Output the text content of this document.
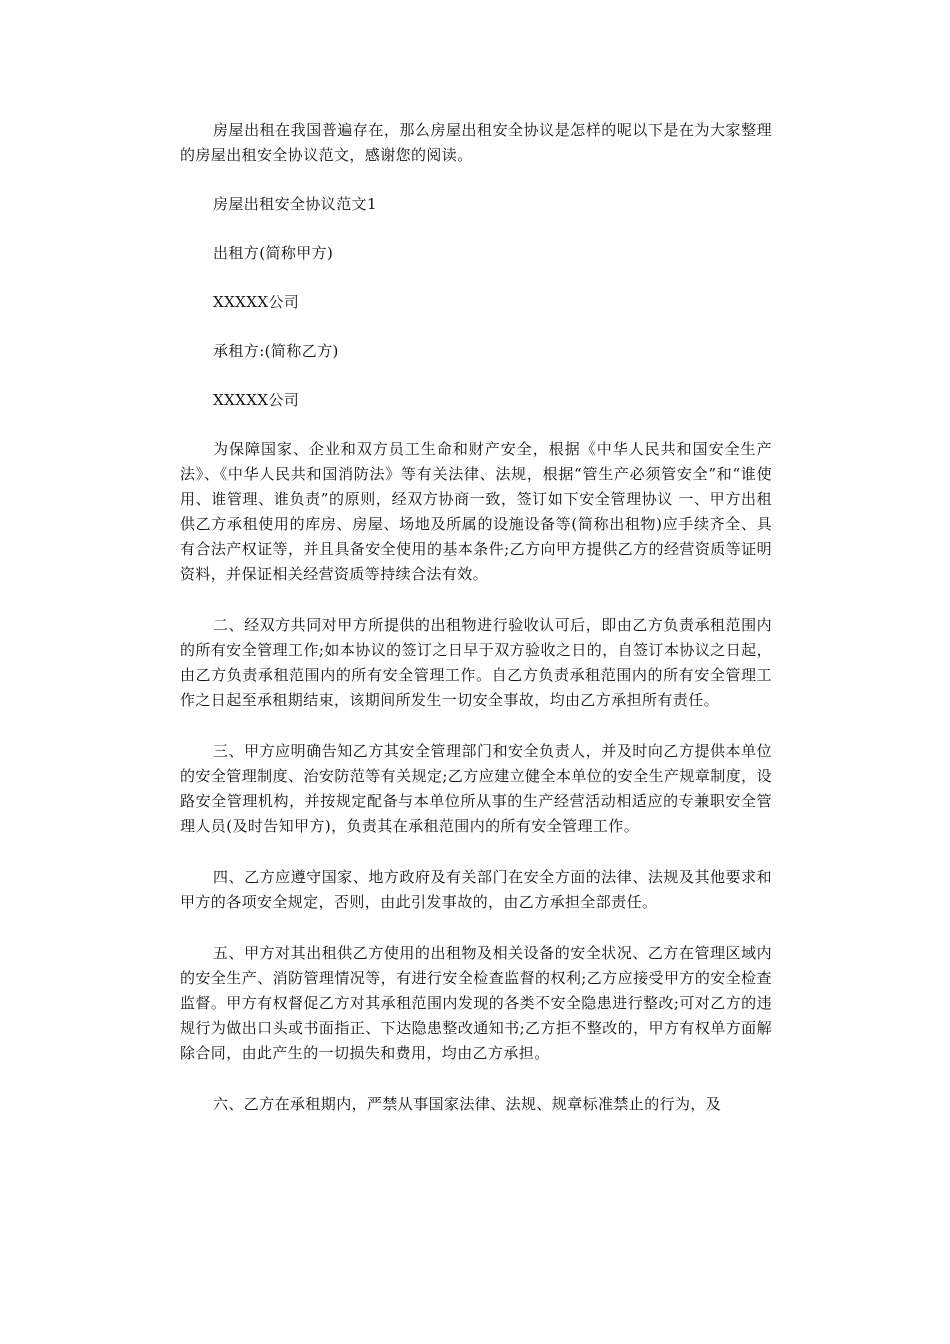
房屋出租在我国普遍存在，那么房屋出租安全协议是怎样的呢以下是在为大家整理的房屋出租安全协议范文，感谢您的阅读。

房屋出租安全协议范文1

出租方(简称甲方)

XXXXX公司

承租方:(简称乙方)

XXXXX公司

为保障国家、企业和双方员工生命和财产安全，根据《中华人民共和国安全生产法》、《中华人民共和国消防法》等有关法律、法规，根据“管生产必须管安全”和“谁使用、谁管理、谁负责”的原则，经双方协商一致，签订如下安全管理协议 一、甲方出租供乙方承租使用的库房、房屋、场地及所属的设施设备等(简称出租物)应手续齐全、具有合法产权证等，并且具备安全使用的基本条件;乙方向甲方提供乙方的经营资质等证明资料，并保证相关经营资质等持续合法有效。

二、经双方共同对甲方所提供的出租物进行验收认可后，即由乙方负责承租范围内的所有安全管理工作;如本协议的签订之日早于双方验收之日的，自签订本协议之日起，由乙方负责承租范围内的所有安全管理工作。自乙方负责承租范围内的所有安全管理工作之日起至承租期结束，该期间所发生一切安全事故，均由乙方承担所有责任。

三、甲方应明确告知乙方其安全管理部门和安全负责人，并及时向乙方提供本单位的安全管理制度、治安防范等有关规定;乙方应建立健全本单位的安全生产规章制度，设路安全管理机构，并按规定配备与本单位所从事的生产经营活动相适应的专兼职安全管理人员(及时告知甲方)，负责其在承租范围内的所有安全管理工作。

四、乙方应遵守国家、地方政府及有关部门在安全方面的法律、法规及其他要求和甲方的各项安全规定，否则，由此引发事故的，由乙方承担全部责任。

五、甲方对其出租供乙方使用的出租物及相关设备的安全状况、乙方在管理区域内的安全生产、消防管理情况等，有进行安全检查监督的权利;乙方应接受甲方的安全检查监督。甲方有权督促乙方对其承租范围内发现的各类不安全隐患进行整改;可对乙方的违规行为做出口头或书面指正、下达隐患整改通知书;乙方拒不整改的，甲方有权单方面解除合同，由此产生的一切损失和费用，均由乙方承担。

六、乙方在承租期内，严禁从事国家法律、法规、规章标准禁止的行为，及
